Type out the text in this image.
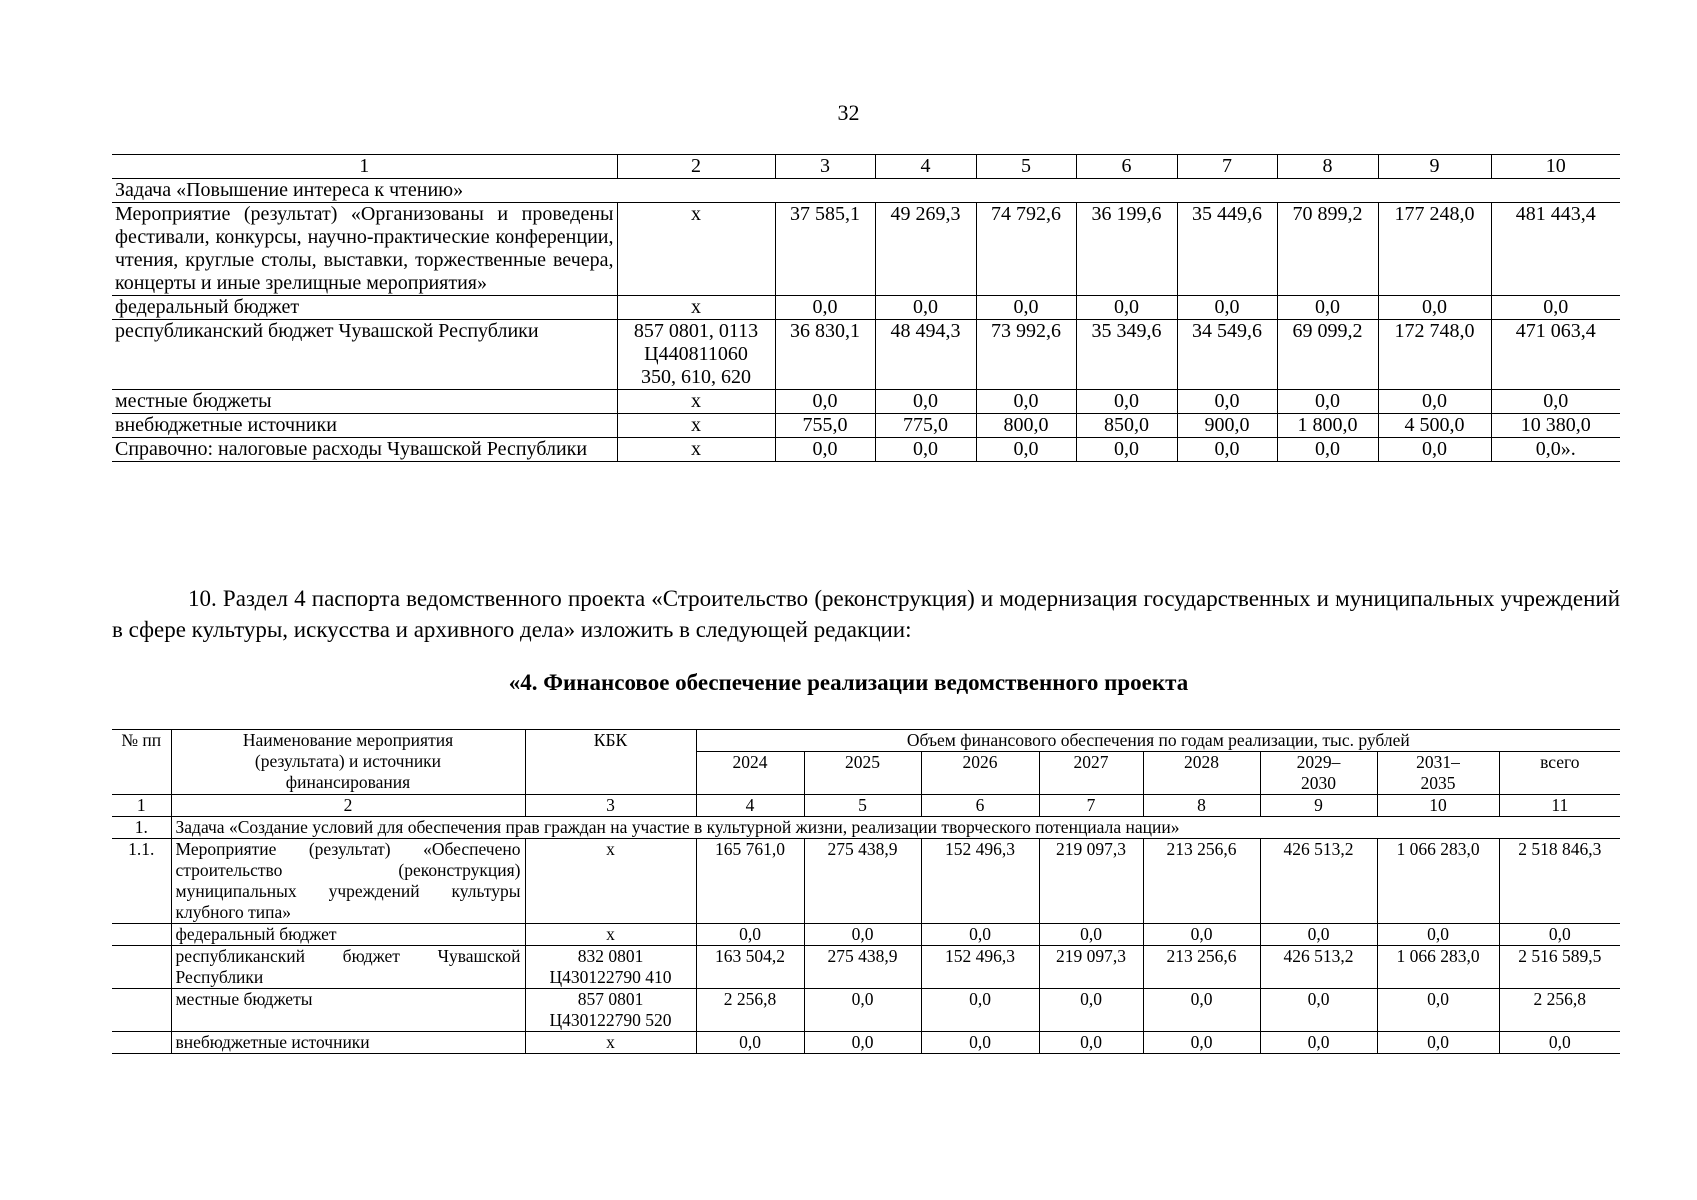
32
1	2	3	4	5	6	7	8	9	10
Задача «Повышение интереса к чтению»									
Мероприятие (результат) «Организованы и проведены фестивали, конкурсы, научно-практические конференции, чтения, круглые столы, выставки, торжественные вечера, концерты и иные зрелищные мероприятия»	x	37 585,1	49 269,3	74 792,6	36 199,6	35 449,6	70 899,2	177 248,0	481 443,4
федеральный бюджет	x	0,0	0,0	0,0	0,0	0,0	0,0	0,0	0,0
республиканский бюджет Чувашской Республики	857 0801, 0113 Ц440811060 350, 610, 620	36 830,1	48 494,3	73 992,6	35 349,6	34 549,6	69 099,2	172 748,0	471 063,4
местные бюджеты	x	0,0	0,0	0,0	0,0	0,0	0,0	0,0	0,0
внебюджетные источники	x	755,0	775,0	800,0	850,0	900,0	1 800,0	4 500,0	10 380,0
Справочно: налоговые расходы Чувашской Республики	x	0,0	0,0	0,0	0,0	0,0	0,0	0,0	0,0».
10. Раздел 4 паспорта ведомственного проекта «Строительство (реконструкция) и модернизация государственных и муниципальных учреждений в сфере культуры, искусства и архивного дела» изложить в следующей редакции:
«4. Финансовое обеспечение реализации ведомственного проекта
№ пп	Наименование мероприятия (результата) и источники финансирования	КБК	Объем финансового обеспечения по годам реализации, тыс. рублей							
			2024	2025	2026	2027	2028	2029–2030	2031–2035	всего
1	2	3	4	5	6	7	8	9	10	11
1.	Задача «Создание условий для обеспечения прав граждан на участие в культурной жизни, реализации творческого потенциала нации»									
1.1.	Мероприятие (результат) «Обеспечено строительство (реконструкция) муниципальных учреждений культуры клубного типа»	x	165 761,0	275 438,9	152 496,3	219 097,3	213 256,6	426 513,2	1 066 283,0	2 518 846,3
	федеральный бюджет	x	0,0	0,0	0,0	0,0	0,0	0,0	0,0	0,0
	республиканский бюджет Чувашской Республики	832 0801 Ц430122790 410	163 504,2	275 438,9	152 496,3	219 097,3	213 256,6	426 513,2	1 066 283,0	2 516 589,5
	местные бюджеты	857 0801 Ц430122790 520	2 256,8	0,0	0,0	0,0	0,0	0,0	0,0	2 256,8
	внебюджетные источники	x	0,0	0,0	0,0	0,0	0,0	0,0	0,0	0,0
